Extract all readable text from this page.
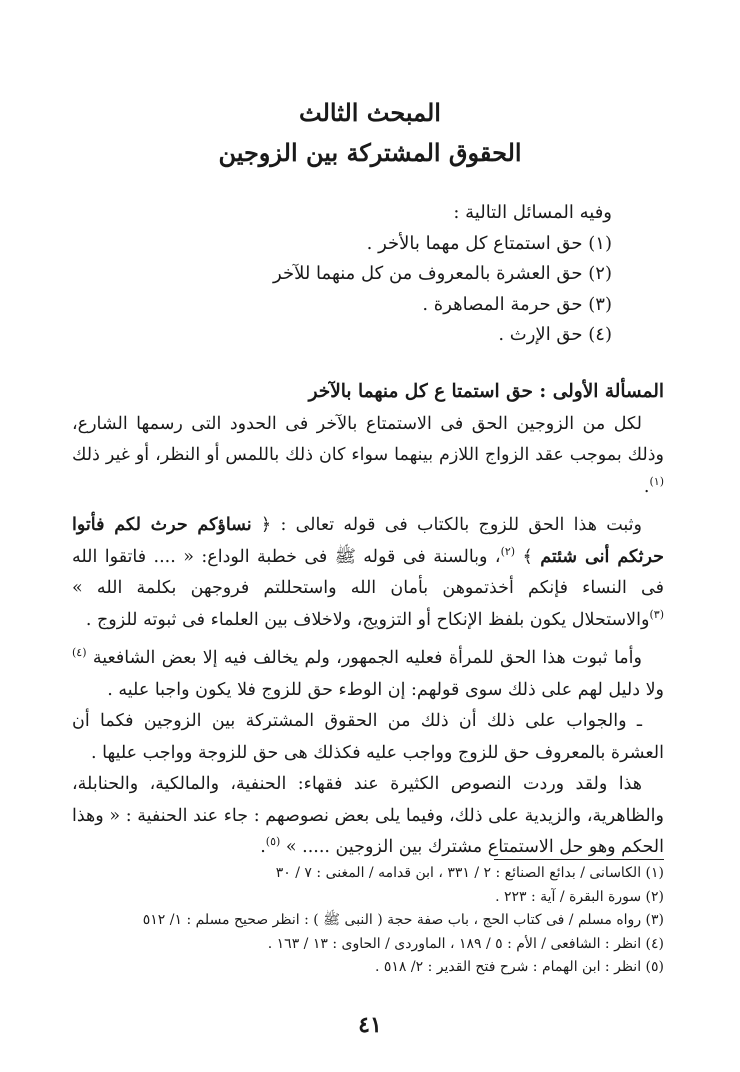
المبحث الثالث
الحقوق المشتركة بين الزوجين
وفيه المسائل التالية :
(١) حق استمتاع كل مهما بالأخر .
(٢) حق العشرة بالمعروف من كل منهما للآخر
(٣) حق حرمة المصاهرة .
(٤) حق الإرث .

المسألة الأولى : حق استمتا ع كل منهما بالآخر

لكل من الزوجين الحق فى الاستمتاع بالآخر فى الحدود التى رسمها الشارع، وذلك بموجب عقد الزواج اللازم بينهما سواء كان ذلك باللمس أو النظر، أو غير ذلك $^{(١)}$.

وثبت هذا الحق للزوج بالكتاب فى قوله تعالى : ﴿ نساؤكم حرث لكم فأتوا حرثكم أنى شئتم ﴾ $^{(٢)}$، وبالسنة فى قوله ﷺ فى خطبة الوداع: « .... فاتقوا الله فى النساء فإنكم أخذتموهن بأمان الله واستحللتم فروجهن بكلمة الله » $^{(٣)}$والاستحلال يكون بلفظ الإنكاح أو التزويج، ولاخلاف بين العلماء فى ثبوته للزوج .

وأما ثبوت هذا الحق للمرأة فعليه الجمهور، ولم يخالف فيه إلا بعض الشافعية $^{(٤)}$ ولا دليل لهم على ذلك سوى قولهم: إن الوطء حق للزوج فلا يكون واجبا عليه .

ـ والجواب على ذلك أن ذلك من الحقوق المشتركة بين الزوجين فكما أن العشرة بالمعروف حق للزوج وواجب عليه فكذلك هى حق للزوجة وواجب عليها .

هذا ولقد وردت النصوص الكثيرة عند فقهاء: الحنفية، والمالكية، والحنابلة، والظاهرية، والزيدية على ذلك، وفيما يلى بعض نصوصهم : جاء عند الحنفية : « وهذا الحكم وهو حل الاستمتاع مشترك بين الزوجين ..... » $^{(٥)}$.

(١) الكاسانى / بدائع الصنائع : ٢ / ٣٣١ ، ابن قدامه / المغنى : ٧ / ٣٠
(٢) سورة البقرة / آية : ٢٢٣ .
(٣) رواه مسلم / فى كتاب الحج ، باب صفة حجة ( النبى ﷺ ) : انظر صحيح مسلم : ١/ ٥١٢
(٤) انظر : الشافعى / الأم : ٥ / ١٨٩ ، الماوردى / الحاوى : ١٣ / ١٦٣ .
(٥) انظر : ابن الهمام : شرح فتح القدير : ٢/ ٥١٨ .
٤١
